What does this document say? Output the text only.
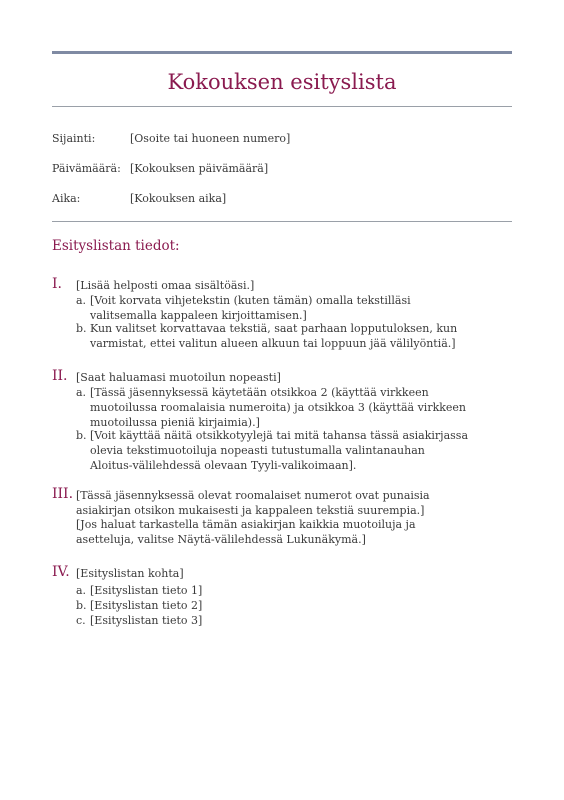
Kokouksen esityslista
Sijainti:	[Osoite tai huoneen numero]
Päivämäärä: [Kokouksen päivämäärä]
Aika:	[Kokouksen aika]
Esityslistan tiedot:
I. [Lisää helposti omaa sisältöäsi.]
a. [Voit korvata vihjetekstin (kuten tämän) omalla tekstilläsi valitsemalla kappaleen kirjoittamisen.]
b. Kun valitset korvattavaa tekstiä, saat parhaan lopputuloksen, kun varmistat, ettei valitun alueen alkuun tai loppuun jää välilyöntiä.]
II. [Saat haluamasi muotoilun nopeasti]
a. [Tässä jäsennyksessä käytetään otsikkoa 2 (käyttää virkkeen muotoilussa roomalaisia numeroita) ja otsikkoa 3 (käyttää virkkeen muotoilussa pieniä kirjaimia).]
b. [Voit käyttää näitä otsikkotyylejä tai mitä tahansa tässä asiakirjassa olevia tekstimuotoiluja nopeasti tutustumalla valintanauhan Aloitus-välilehdessä olevaan Tyyli-valikoimaan].
III. [Tässä jäsennyksessä olevat roomalaiset numerot ovat punaisia asiakirjan otsikon mukaisesti ja kappaleen tekstiä suurempia.]
[Jos haluat tarkastella tämän asiakirjan kaikkia muotoiluja ja asetteluja, valitse Näytä-välilehdessä Lukunäkymä.]
IV. [Esityslistan kohta]
a. [Esityslistan tieto 1]
b. [Esityslistan tieto 2]
c. [Esityslistan tieto 3]
